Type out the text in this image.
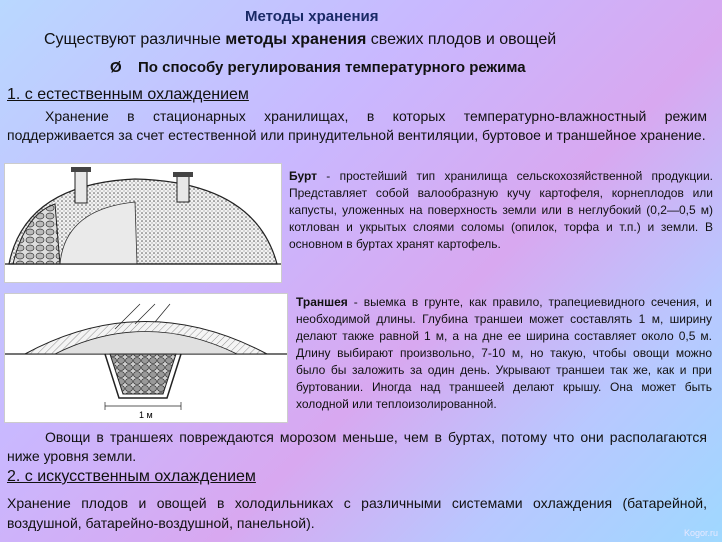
Методы хранения
Существуют различные методы хранения свежих плодов и овощей
Ø По способу регулирования температурного режима
1. с естественным охлаждением
Хранение в стационарных хранилищах, в которых температурно-влажностный режим поддерживается за счет естественной или принудительной вентиляции, буртовое и траншейное хранение.
Бурт - простейший тип хранилища сельскохозяйственной продукции. Представляет собой валообразную кучу картофеля, корнеплодов или капусты, уложенных на поверхность земли или в неглубокий (0,2—0,5 м) котлован и укрытых слоями соломы (опилок, торфа и т.п.) и земли. В основном в буртах хранят картофель.
1 м
Траншея - выемка в грунте, как правило, трапециевидного сечения, и необходимой длины. Глубина траншеи может составлять 1 м, ширину делают также равной 1 м, а на дне ее ширина составляет около 0,5 м. Длину выбирают произвольно, 7-10 м, но такую, чтобы овощи можно было бы заложить за один день. Укрывают траншеи так же, как и при буртовании. Иногда над траншеей делают крышу. Она может быть холодной или теплоизолированной.
Овощи в траншеях повреждаются морозом меньше, чем в буртах, потому что они располагаются ниже уровня земли.
2. с искусственным охлаждением
Хранение плодов и овощей в холодильниках с различными системами охлаждения (батарейной, воздушной, батарейно-воздушной, панельной).
Kogor.ru
